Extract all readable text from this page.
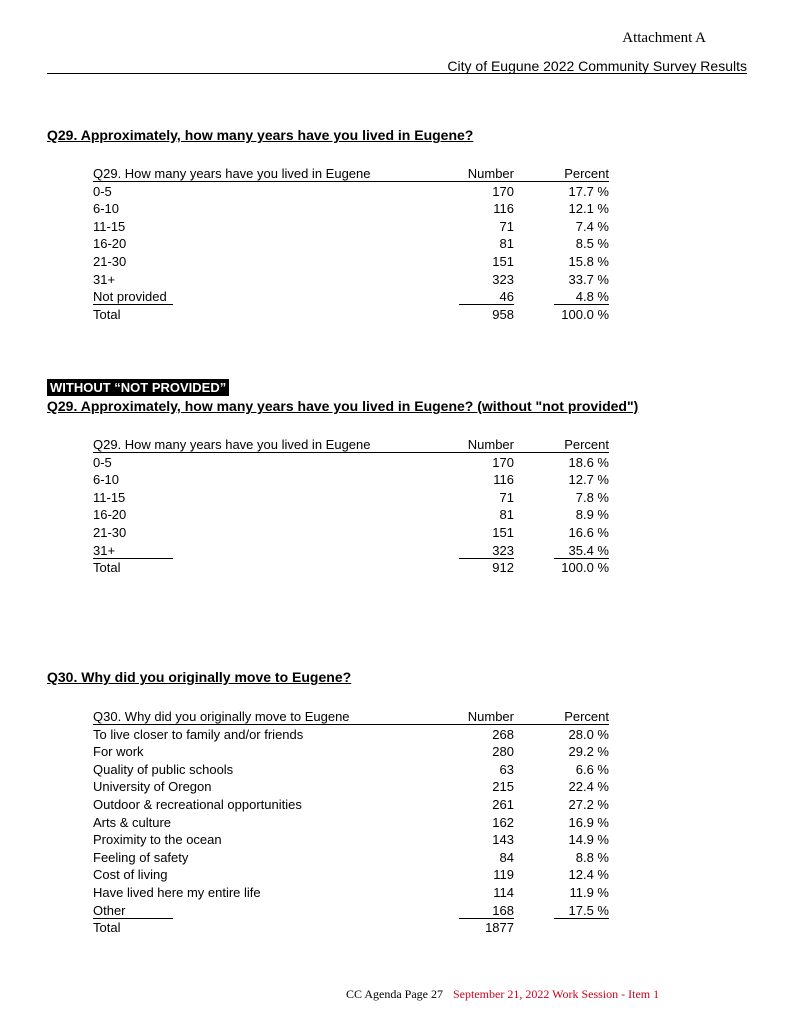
Attachment A
City of Eugune 2022 Community Survey Results
Q29. Approximately, how many years have you lived in Eugene?
Q29. How many years have you lived in Eugene	Number	Percent
0-5	170	17.7 %
6-10	116	12.1 %
11-15	71	7.4 %
16-20	81	8.5 %
21-30	151	15.8 %
31+	323	33.7 %
Not provided	46	4.8 %
Total	958	100.0 %
WITHOUT “NOT PROVIDED”
Q29. Approximately, how many years have you lived in Eugene? (without "not provided")
Q29. How many years have you lived in Eugene	Number	Percent
0-5	170	18.6 %
6-10	116	12.7 %
11-15	71	7.8 %
16-20	81	8.9 %
21-30	151	16.6 %
31+	323	35.4 %
Total	912	100.0 %
Q30. Why did you originally move to Eugene?
Q30. Why did you originally move to Eugene	Number	Percent
To live closer to family and/or friends	268	28.0 %
For work	280	29.2 %
Quality of public schools	63	6.6 %
University of Oregon	215	22.4 %
Outdoor & recreational opportunities	261	27.2 %
Arts & culture	162	16.9 %
Proximity to the ocean	143	14.9 %
Feeling of safety	84	8.8 %
Cost of living	119	12.4 %
Have lived here my entire life	114	11.9 %
Other	168	17.5 %
Total	1877
CC Agenda Page 27 September 21, 2022 Work Session - Item 1
